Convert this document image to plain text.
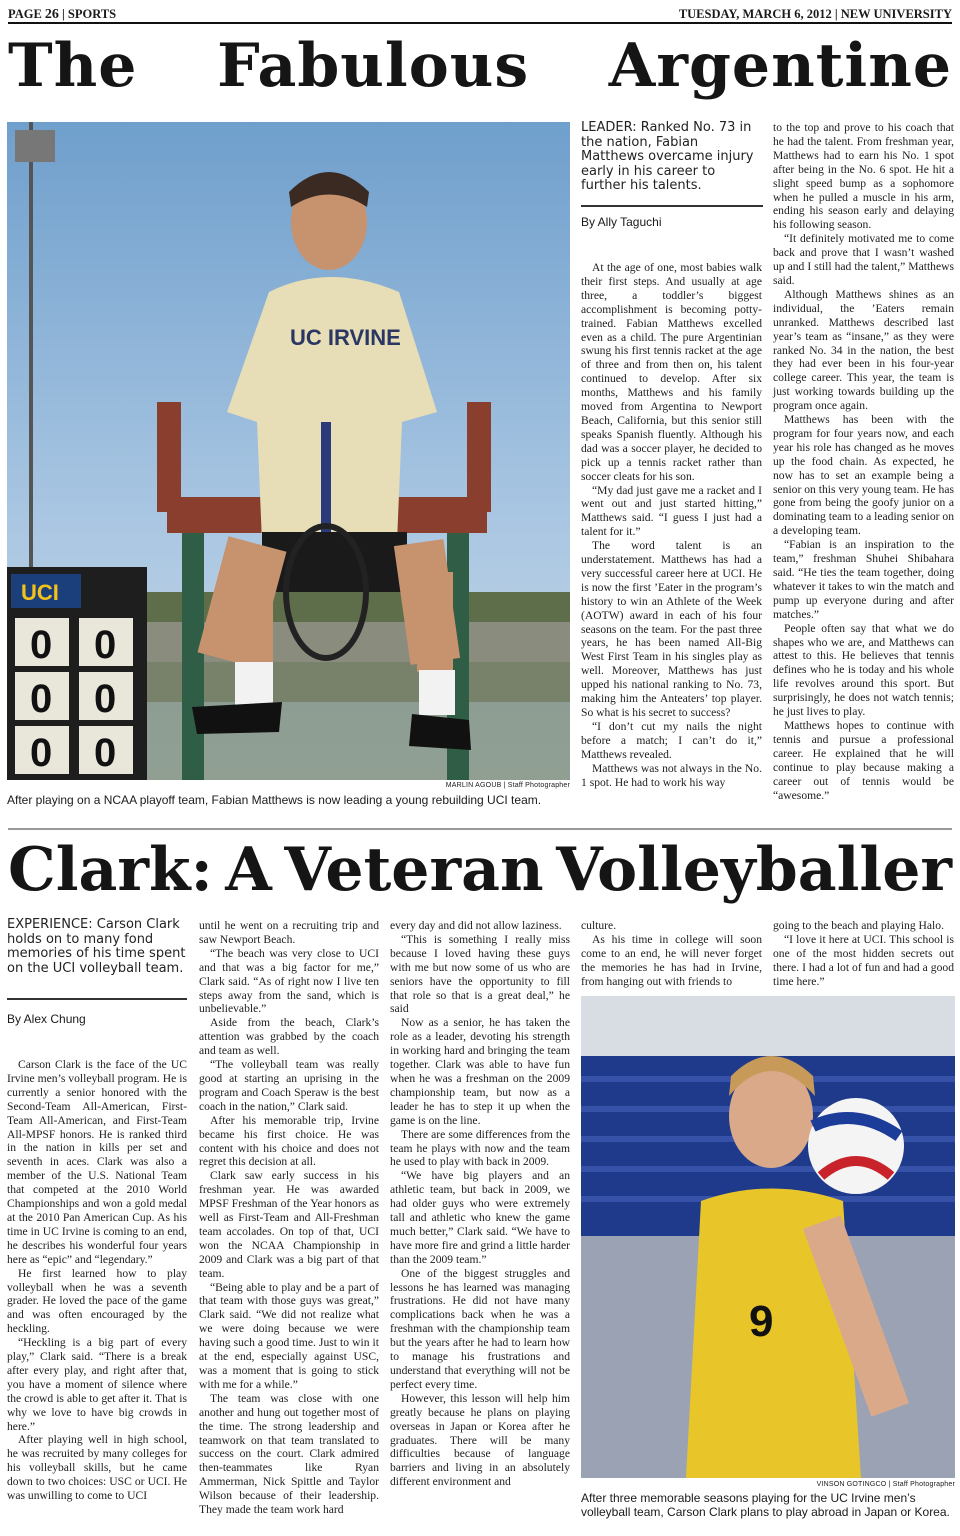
PAGE 26 | SPORTS	TUESDAY, MARCH 6, 2012 | NEW UNIVERSITY
The Fabulous Argentine
UCI
0 0
0 0
0 0
UC IRVINE
MARLIN AGOUB | Staff Photographer
After playing on a NCAA playoff team, Fabian Matthews is now leading a young rebuilding UCI team.
LEADER: Ranked No. 73 in the nation, Fabian Matthews overcame injury early in his career to further his talents.
By Ally Taguchi

At the age of one, most babies walk their first steps. And usually at age three, a toddler’s biggest accomplishment is becoming potty-trained. Fabian Matthews excelled even as a child. The pure Argentinian swung his first tennis racket at the age of three and from then on, his talent continued to develop. After six months, Matthews and his family moved from Argentina to Newport Beach, California, but this senior still speaks Spanish fluently. Although his dad was a soccer player, he decided to pick up a tennis racket rather than soccer cleats for his son.

“My dad just gave me a racket and I went out and just started hitting,” Matthews said. “I guess I just had a talent for it.”

The word talent is an understatement. Matthews has had a very successful career here at UCI. He is now the first ’Eater in the program’s history to win an Athlete of the Week (AOTW) award in each of his four seasons on the team. For the past three years, he has been named All-Big West First Team in his singles play as well. Moreover, Matthews has just upped his national ranking to No. 73, making him the Anteaters’ top player. So what is his secret to success?

“I don’t cut my nails the night before a match; I can’t do it,” Matthews revealed.

Matthews was not always in the No. 1 spot. He had to work his way

to the top and prove to his coach that he had the talent. From freshman year, Matthews had to earn his No. 1 spot after being in the No. 6 spot. He hit a slight speed bump as a sophomore when he pulled a muscle in his arm, ending his season early and delaying his following season.

“It definitely motivated me to come back and prove that I wasn’t washed up and I still had the talent,” Matthews said.

Although Matthews shines as an individual, the ’Eaters remain unranked. Matthews described last year’s team as “insane,” as they were ranked No. 34 in the nation, the best they had ever been in his four-year college career. This year, the team is just working towards building up the program once again.

Matthews has been with the program for four years now, and each year his role has changed as he moves up the food chain. As expected, he now has to set an example being a senior on this very young team. He has gone from being the goofy junior on a dominating team to a leading senior on a developing team.

“Fabian is an inspiration to the team,” freshman Shuhei Shibahara said. “He ties the team together, doing whatever it takes to win the match and pump up everyone during and after matches.”

People often say that what we do shapes who we are, and Matthews can attest to this. He believes that tennis defines who he is today and his whole life revolves around this sport. But surprisingly, he does not watch tennis; he just lives to play.

Matthews hopes to continue with tennis and pursue a professional career. He explained that he will continue to play because making a career out of tennis would be “awesome.”

Clark: A Veteran Volleyballer
EXPERIENCE: Carson Clark holds on to many fond memories of his time spent on the UCI volleyball team.
By Alex Chung

Carson Clark is the face of the UC Irvine men’s volleyball program. He is currently a senior honored with the Second-Team All-American, First-Team All-American, and First-Team All-MPSF honors. He is ranked third in the nation in kills per set and seventh in aces. Clark was also a member of the U.S. National Team that competed at the 2010 World Championships and won a gold medal at the 2010 Pan American Cup. As his time in UC Irvine is coming to an end, he describes his wonderful four years here as “epic” and “legendary.”

He first learned how to play volleyball when he was a seventh grader. He loved the pace of the game and was often encouraged by the heckling.

“Heckling is a big part of every play,” Clark said. “There is a break after every play, and right after that, you have a moment of silence where the crowd is able to get after it. That is why we love to have big crowds in here.”

After playing well in high school, he was recruited by many colleges for his volleyball skills, but he came down to two choices: USC or UCI. He was unwilling to come to UCI

until he went on a recruiting trip and saw Newport Beach.

“The beach was very close to UCI and that was a big factor for me,” Clark said. “As of right now I live ten steps away from the sand, which is unbelievable.”

Aside from the beach, Clark’s attention was grabbed by the coach and team as well.

“The volleyball team was really good at starting an uprising in the program and Coach Speraw is the best coach in the nation,” Clark said.

After his memorable trip, Irvine became his first choice. He was content with his choice and does not regret this decision at all.

Clark saw early success in his freshman year. He was awarded MPSF Freshman of the Year honors as well as First-Team and All-Freshman team accolades. On top of that, UCI won the NCAA Championship in 2009 and Clark was a big part of that team.

“Being able to play and be a part of that team with those guys was great,” Clark said. “We did not realize what we were doing because we were having such a good time. Just to win it at the end, especially against USC, was a moment that is going to stick with me for a while.”

The team was close with one another and hung out together most of the time. The strong leadership and teamwork on that team translated to success on the court. Clark admired then-teammates like Ryan Ammerman, Nick Spittle and Taylor Wilson because of their leadership. They made the team work hard

every day and did not allow laziness.

“This is something I really miss because I loved having these guys with me but now some of us who are seniors have the opportunity to fill that role so that is a great deal,” he said

Now as a senior, he has taken the role as a leader, devoting his strength in working hard and bringing the team together. Clark was able to have fun when he was a freshman on the 2009 championship team, but now as a leader he has to step it up when the game is on the line.

There are some differences from the team he plays with now and the team he used to play with back in 2009.

“We have big players and an athletic team, but back in 2009, we had older guys who were extremely tall and athletic who knew the game much better,” Clark said. “We have to have more fire and grind a little harder than the 2009 team.”

One of the biggest struggles and lessons he has learned was managing frustrations. He did not have many complications back when he was a freshman with the championship team but the years after he had to learn how to manage his frustrations and understand that everything will not be perfect every time.

However, this lesson will help him greatly because he plans on playing overseas in Japan or Korea after he graduates. There will be many difficulties because of language barriers and living in an absolutely different environment and

culture.

As his time in college will soon come to an end, he will never forget the memories he has had in Irvine, from hanging out with friends to

going to the beach and playing Halo.

“I love it here at UCI. This school is one of the most hidden secrets out there. I had a lot of fun and had a good time here.”

9
VINSON GOTINGCO | Staff Photographer
After three memorable seasons playing for the UC Irvine men’s volleyball team, Carson Clark plans to play abroad in Japan or Korea.
